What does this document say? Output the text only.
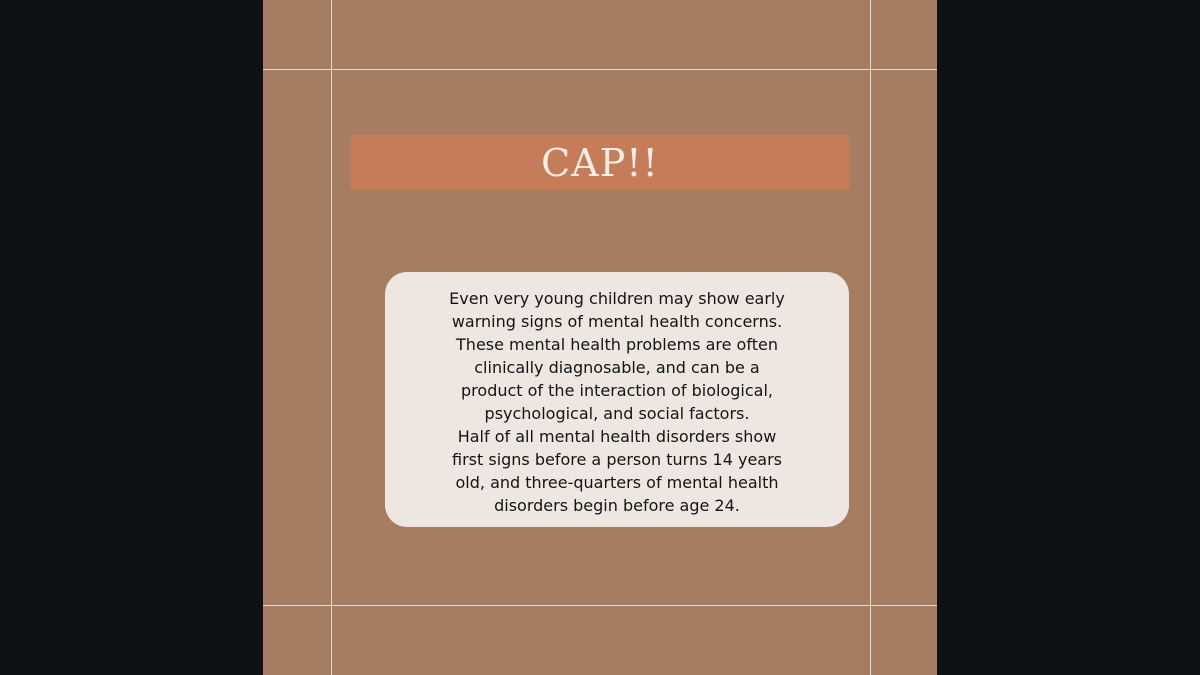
CAP!!

Even very young children may show early
warning signs of mental health concerns.
These mental health problems are often
clinically diagnosable, and can be a
product of the interaction of biological,
psychological, and social factors.

Half of all mental health disorders show
first signs before a person turns 14 years
old, and three-quarters of mental health
disorders begin before age 24.
